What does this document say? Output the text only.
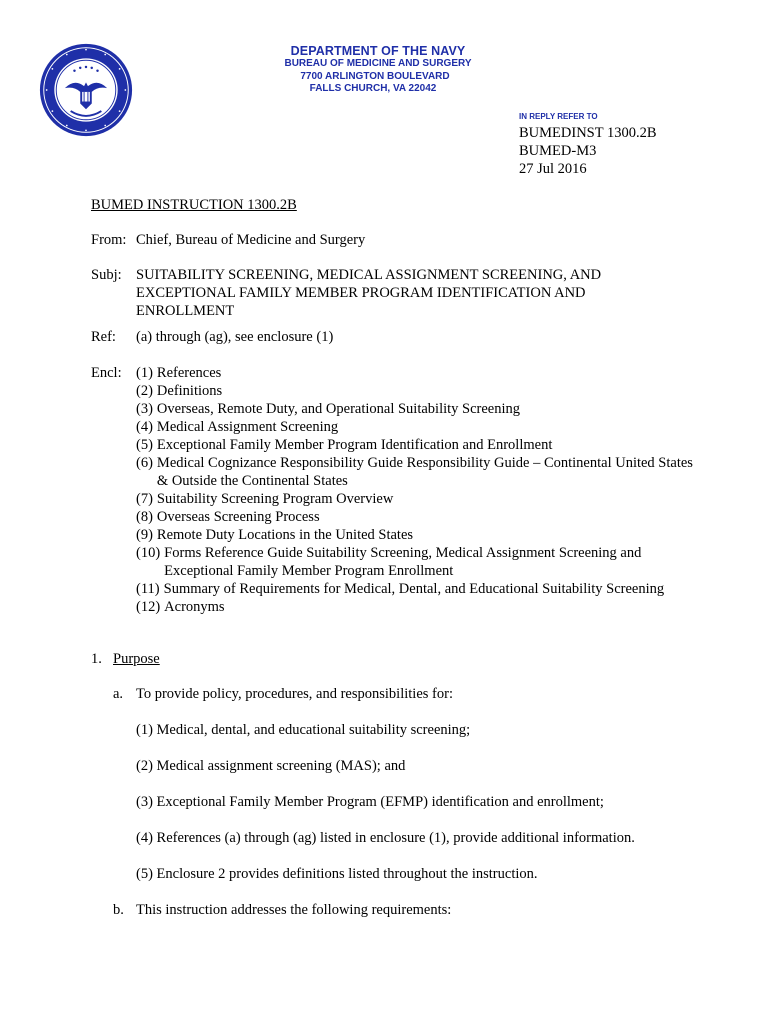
DEPARTMENT OF THE NAVY
BUREAU OF MEDICINE AND SURGERY
7700 ARLINGTON BOULEVARD
FALLS CHURCH, VA 22042
IN REPLY REFER TO
BUMEDINST 1300.2B
BUMED-M3
27 Jul 2016
BUMED INSTRUCTION 1300.2B
From: Chief, Bureau of Medicine and Surgery
Subj: SUITABILITY SCREENING, MEDICAL ASSIGNMENT SCREENING, AND EXCEPTIONAL FAMILY MEMBER PROGRAM IDENTIFICATION AND ENROLLMENT
Ref: (a) through (ag), see enclosure (1)
Encl: (1) References
(2) Definitions
(3) Overseas, Remote Duty, and Operational Suitability Screening
(4) Medical Assignment Screening
(5) Exceptional Family Member Program Identification and Enrollment
(6) Medical Cognizance Responsibility Guide Responsibility Guide – Continental United States & Outside the Continental States
(7) Suitability Screening Program Overview
(8) Overseas Screening Process
(9) Remote Duty Locations in the United States
(10) Forms Reference Guide Suitability Screening, Medical Assignment Screening and Exceptional Family Member Program Enrollment
(11) Summary of Requirements for Medical, Dental, and Educational Suitability Screening
(12) Acronyms
1. Purpose
a. To provide policy, procedures, and responsibilities for:
(1) Medical, dental, and educational suitability screening;
(2) Medical assignment screening (MAS); and
(3) Exceptional Family Member Program (EFMP) identification and enrollment;
(4) References (a) through (ag) listed in enclosure (1), provide additional information.
(5) Enclosure 2 provides definitions listed throughout the instruction.
b. This instruction addresses the following requirements:
